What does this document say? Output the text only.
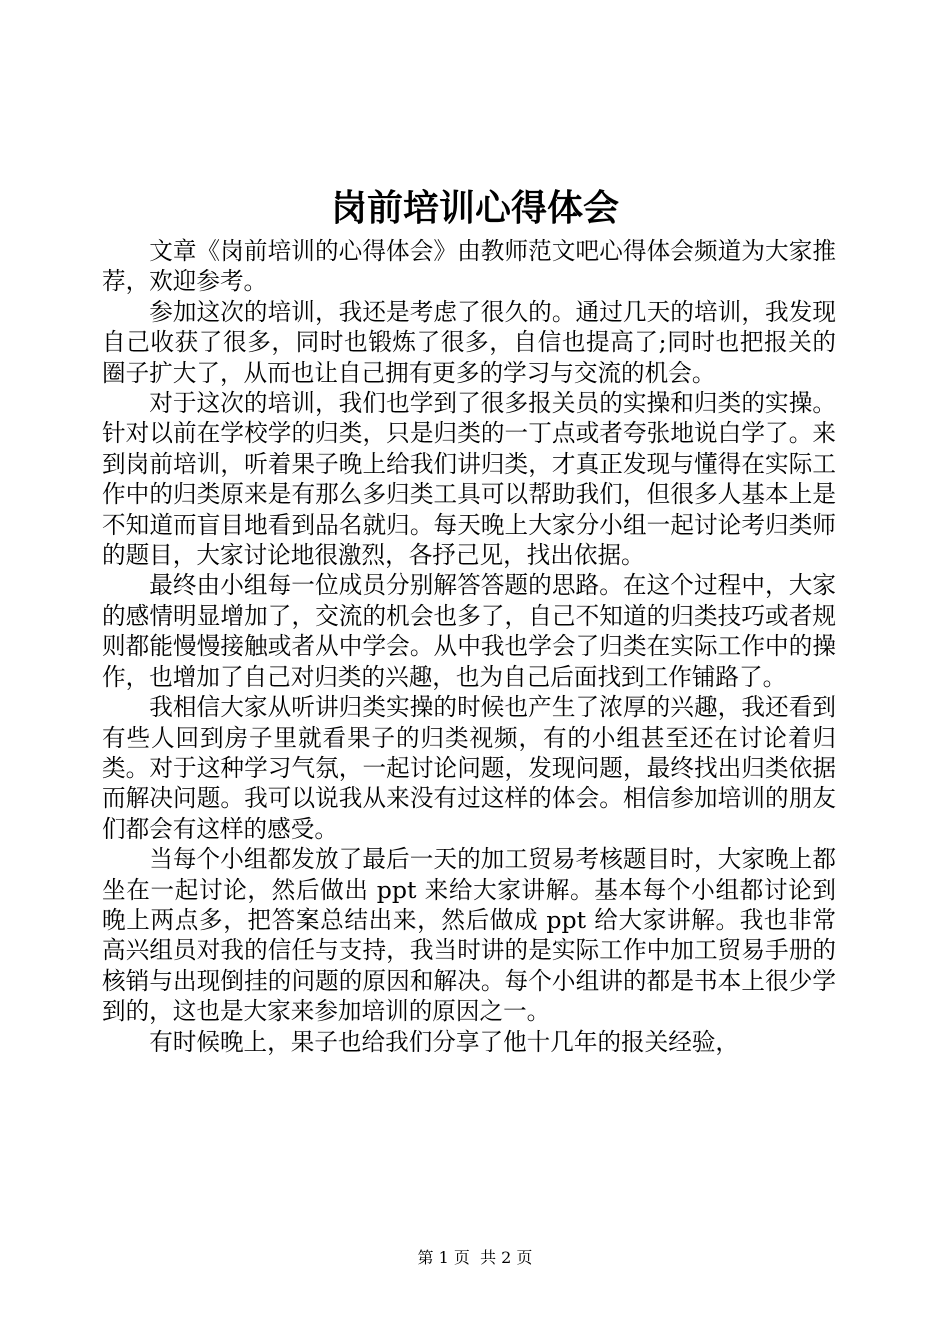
岗前培训心得体会

文章《岗前培训的心得体会》由教师范文吧心得体会频道为大家推荐，欢迎参考。

参加这次的培训，我还是考虑了很久的。通过几天的培训，我发现自己收获了很多，同时也锻炼了很多，自信也提高了;同时也把报关的圈子扩大了，从而也让自己拥有更多的学习与交流的机会。

对于这次的培训，我们也学到了很多报关员的实操和归类的实操。针对以前在学校学的归类，只是归类的一丁点或者夸张地说白学了。来到岗前培训，听着果子晚上给我们讲归类，才真正发现与懂得在实际工作中的归类原来是有那么多归类工具可以帮助我们，但很多人基本上是不知道而盲目地看到品名就归。每天晚上大家分小组一起讨论考归类师的题目，大家讨论地很激烈，各抒己见，找出依据。

最终由小组每一位成员分别解答答题的思路。在这个过程中，大家的感情明显增加了，交流的机会也多了，自己不知道的归类技巧或者规则都能慢慢接触或者从中学会。从中我也学会了归类在实际工作中的操作，也增加了自己对归类的兴趣，也为自己后面找到工作铺路了。

我相信大家从听讲归类实操的时候也产生了浓厚的兴趣，我还看到有些人回到房子里就看果子的归类视频，有的小组甚至还在讨论着归类。对于这种学习气氛，一起讨论问题，发现问题，最终找出归类依据而解决问题。我可以说我从来没有过这样的体会。相信参加培训的朋友们都会有这样的感受。

当每个小组都发放了最后一天的加工贸易考核题目时，大家晚上都坐在一起讨论，然后做出 ppt 来给大家讲解。基本每个小组都讨论到晚上两点多，把答案总结出来，然后做成 ppt 给大家讲解。我也非常高兴组员对我的信任与支持，我当时讲的是实际工作中加工贸易手册的核销与出现倒挂的问题的原因和解决。每个小组讲的都是书本上很少学到的，这也是大家来参加培训的原因之一。

有时候晚上，果子也给我们分享了他十几年的报关经验，

第 1 页  共 2 页
